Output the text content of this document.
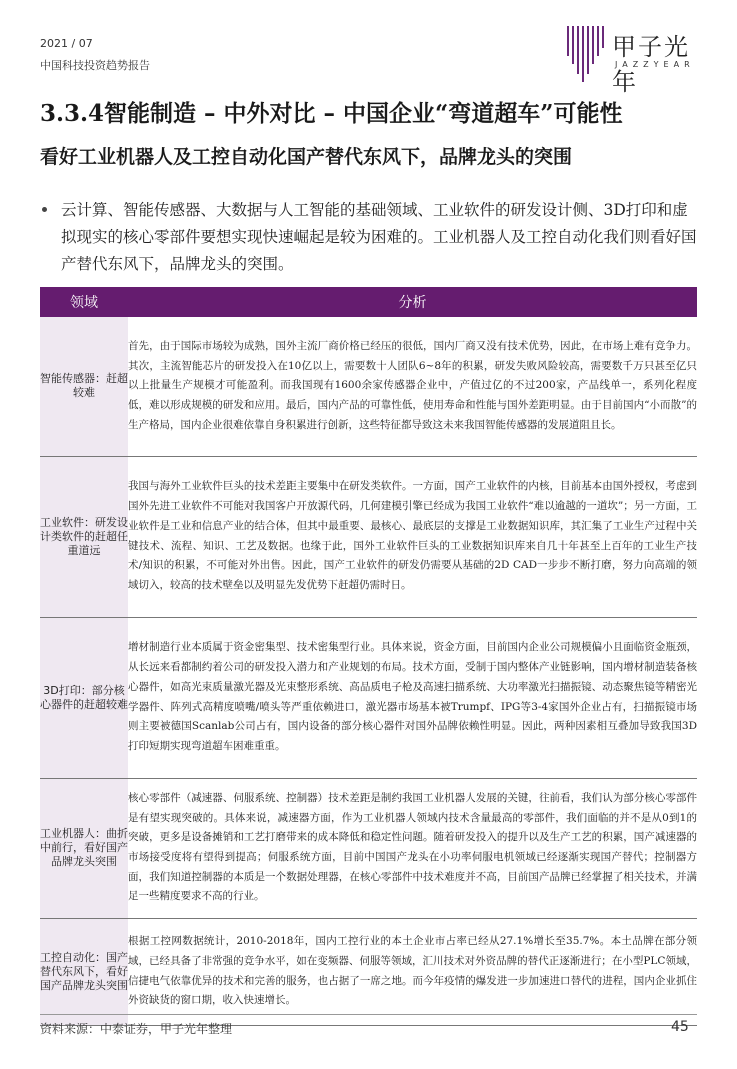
2021 / 07
中国科技投资趋势报告
甲子光年
JAZZYEAR
3.3.4智能制造 – 中外对比 – 中国企业“弯道超车”可能性
看好工业机器人及工控自动化国产替代东风下，品牌龙头的突围
云计算、智能传感器、大数据与人工智能的基础领域、工业软件的研发设计侧、3D打印和虚拟现实的核心零部件要想实现快速崛起是较为困难的。工业机器人及工控自动化我们则看好国产替代东风下，品牌龙头的突围。
领域	分析
智能传感器：赶超较难	首先，由于国际市场较为成熟，国外主流厂商价格已经压的很低，国内厂商又没有技术优势，因此，在市场上难有竞争力。其次，主流智能芯片的研发投入在10亿以上，需要数十人团队6~8年的积累，研发失败风险较高，需要数千万只甚至亿只以上批量生产规模才可能盈利。而我国现有1600余家传感器企业中，产值过亿的不过200家，产品线单一，系列化程度低，难以形成规模的研发和应用。最后，国内产品的可靠性低，使用寿命和性能与国外差距明显。由于目前国内“小而散”的生产格局，国内企业很难依靠自身积累进行创新，这些特征都导致这未来我国智能传感器的发展道阻且长。
工业软件：研发设计类软件的赶超任重道远	我国与海外工业软件巨头的技术差距主要集中在研发类软件。一方面，国产工业软件的内核，目前基本由国外授权，考虑到国外先进工业软件不可能对我国客户开放源代码，几何建模引擎已经成为我国工业软件“难以逾越的一道坎”；另一方面，工业软件是工业和信息产业的结合体，但其中最重要、最核心、最底层的支撑是工业数据知识库，其汇集了工业生产过程中关键技术、流程、知识、工艺及数据。也缘于此，国外工业软件巨头的工业数据知识库来自几十年甚至上百年的工业生产技术/知识的积累，不可能对外出售。因此，国产工业软件的研发仍需要从基础的2D CAD一步步不断打磨，努力向高端的领域切入，较高的技术壁垒以及明显先发优势下赶超仍需时日。
3D打印：部分核心器件的赶超较难	增材制造行业本质属于资金密集型、技术密集型行业。具体来说，资金方面，目前国内企业公司规模偏小且面临资金瓶颈，从长远来看都制约着公司的研发投入潜力和产业规划的布局。技术方面，受制于国内整体产业链影响，国内增材制造装备核心器件，如高光束质量激光器及光束整形系统、高品质电子枪及高速扫描系统、大功率激光扫描振镜、动态聚焦镜等精密光学器件、阵列式高精度喷嘴/喷头等严重依赖进口，激光器市场基本被Trumpf、IPG等3-4家国外企业占有，扫描振镜市场则主要被德国Scanlab公司占有，国内设备的部分核心器件对国外品牌依赖性明显。因此，两种因素相互叠加导致我国3D打印短期实现弯道超车困难重重。
工业机器人：曲折中前行，看好国产品牌龙头突围	核心零部件（减速器、伺服系统、控制器）技术差距是制约我国工业机器人发展的关键，往前看，我们认为部分核心零部件是有望实现突破的。具体来说，减速器方面，作为工业机器人领域内技术含量最高的零部件，我们面临的并不是从0到1的突破，更多是设备摊销和工艺打磨带来的成本降低和稳定性问题。随着研发投入的提升以及生产工艺的积累，国产减速器的市场接受度将有望得到提高；伺服系统方面，目前中国国产龙头在小功率伺服电机领域已经逐渐实现国产替代；控制器方面，我们知道控制器的本质是一个数据处理器，在核心零部件中技术难度并不高，目前国产品牌已经掌握了相关技术，并满足一些精度要求不高的行业。
工控自动化：国产替代东风下，看好国产品牌龙头突围	根据工控网数据统计，2010-2018年，国内工控行业的本土企业市占率已经从27.1%增长至35.7%。本土品牌在部分领域，已经具备了非常强的竞争水平，如在变频器、伺服等领域，汇川技术对外资品牌的替代正逐渐进行；在小型PLC领域，信捷电气依靠优异的技术和完善的服务，也占据了一席之地。而今年疫情的爆发进一步加速进口替代的进程，国内企业抓住外资缺货的窗口期，收入快速增长。
资料来源：中泰证券，甲子光年整理	45
